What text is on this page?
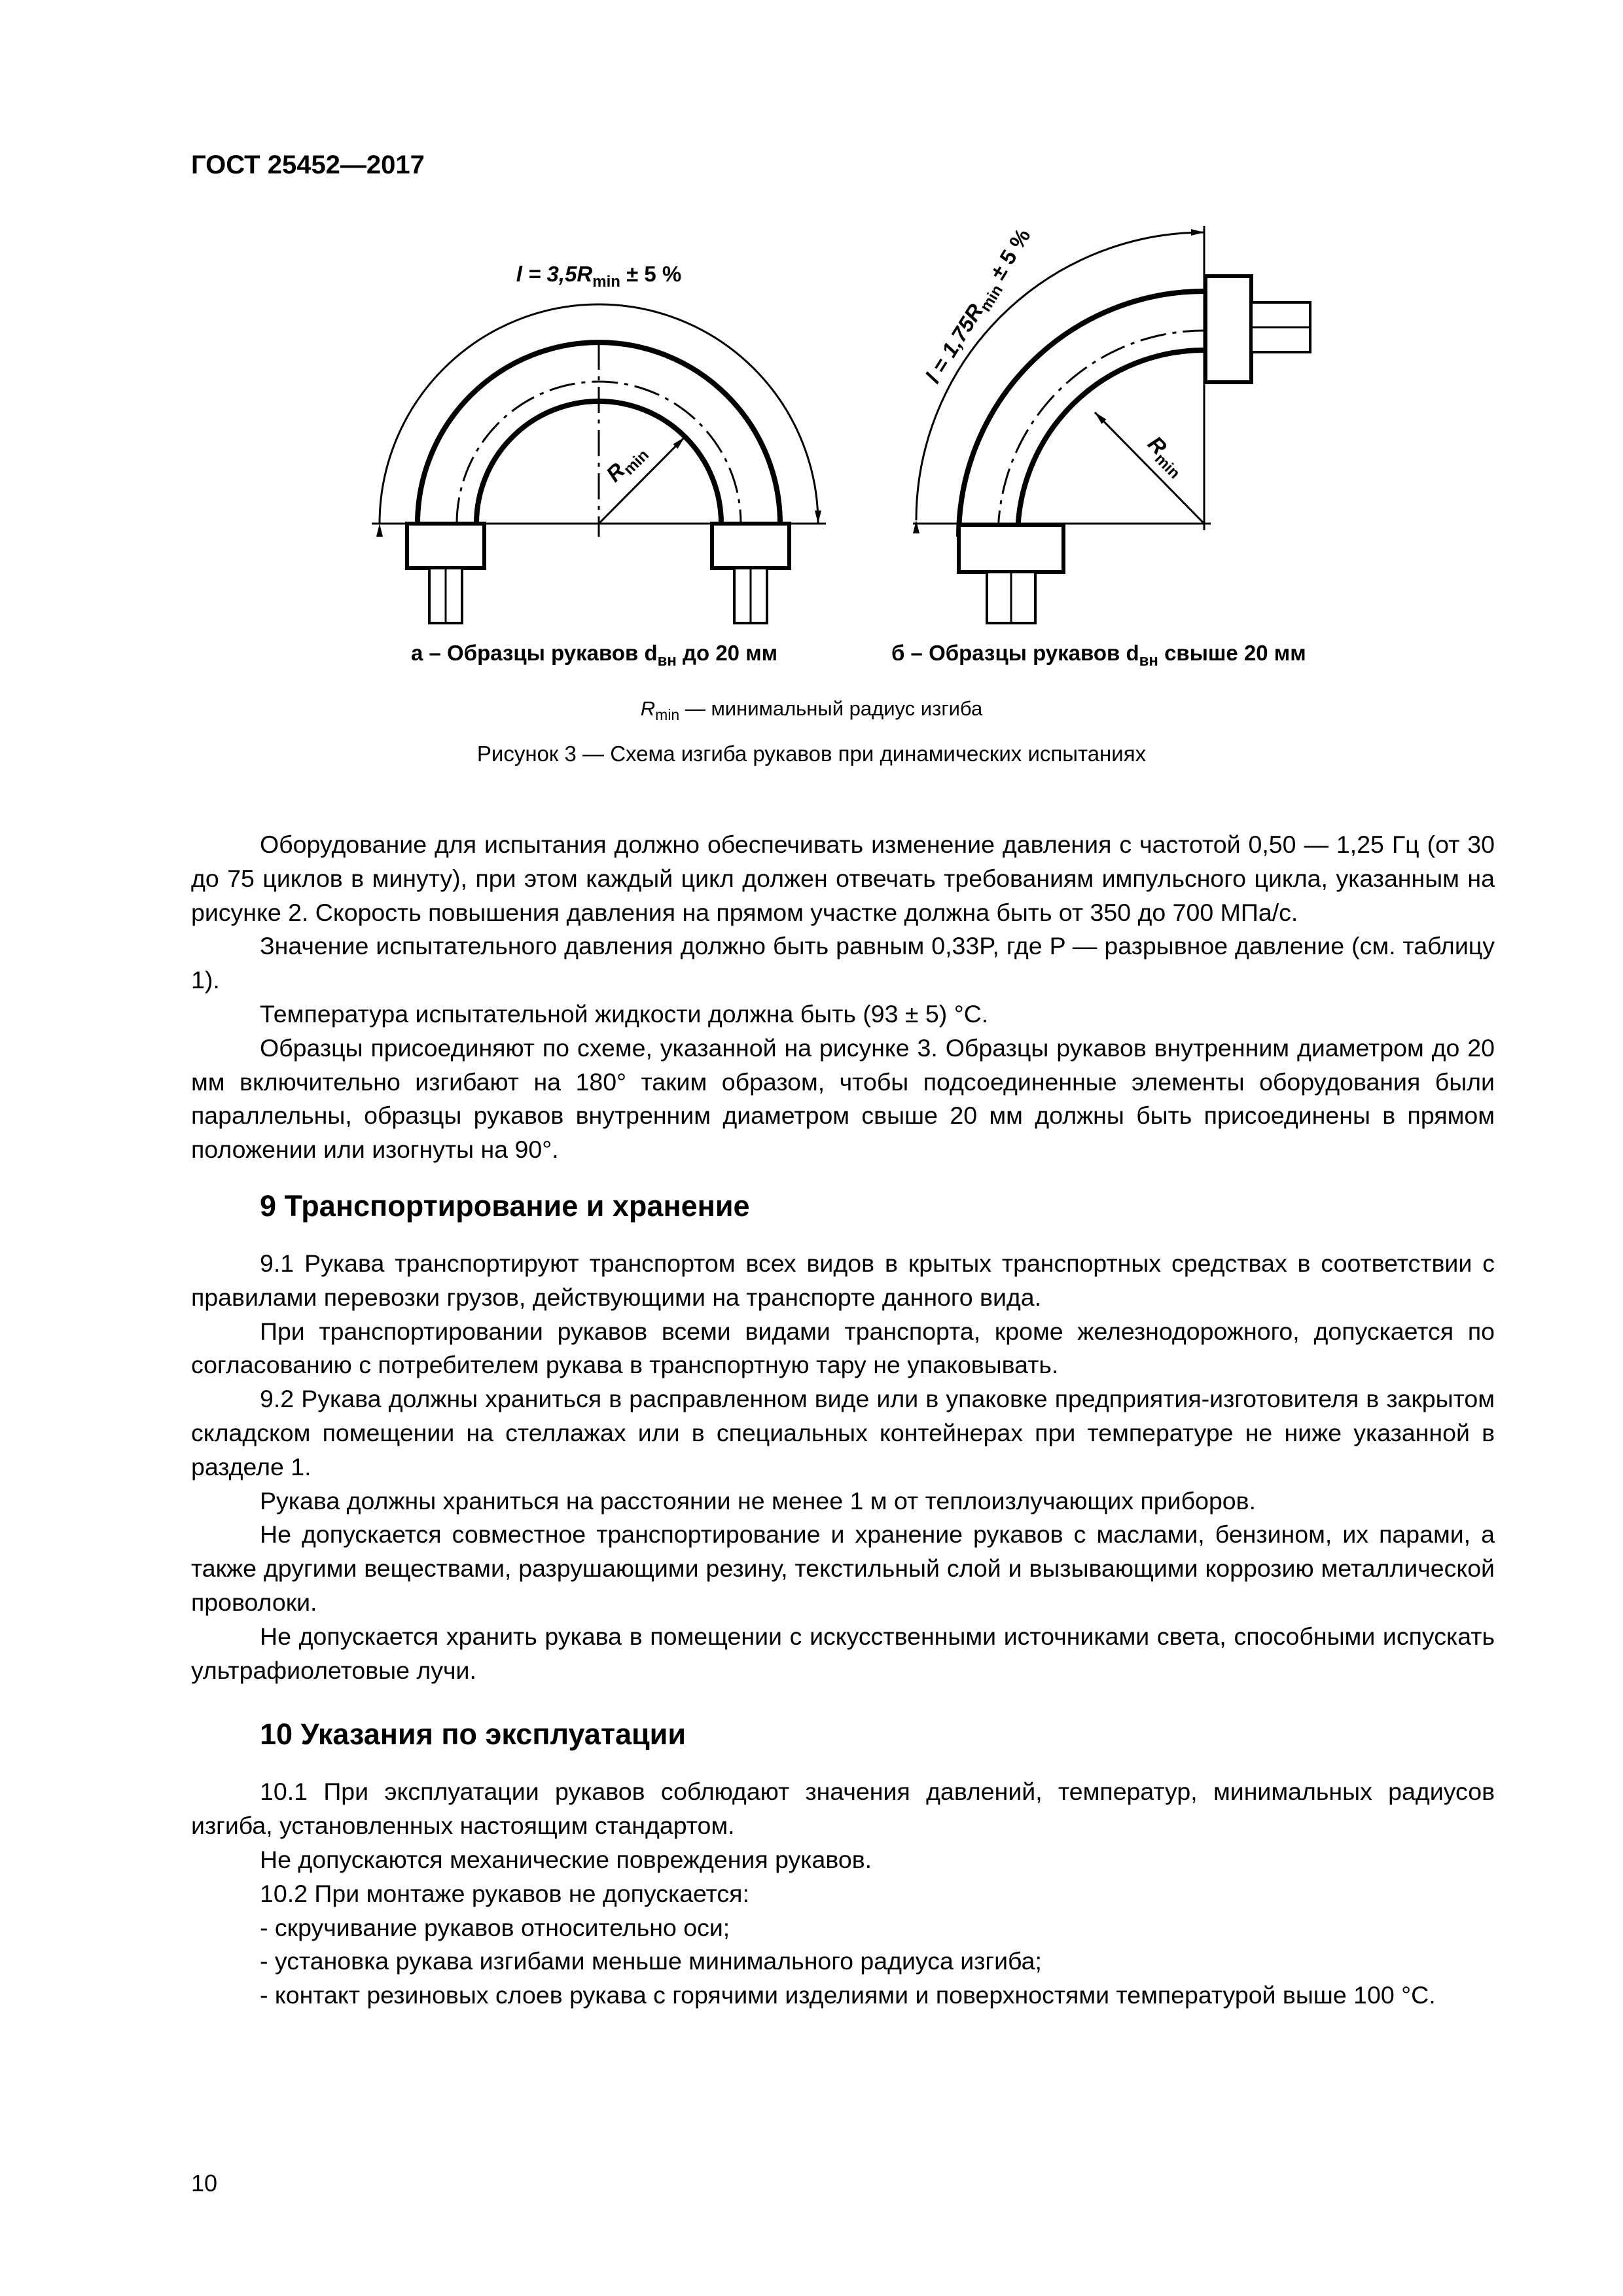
ГОСТ 25452—2017
$l = 3,5R_{min} \pm 5$ %
$R_{min}$
$l = 1,75R_{min} \pm 5$ %
$R_{min}$
а – Образцы рукавов $d_{вн}$ до 20 мм	б – Образцы рукавов $d_{вн}$ свыше 20 мм
$R_{min}$ — минимальный радиус изгиба
Рисунок 3 — Схема изгиба рукавов при динамических испытаниях

Оборудование для испытания должно обеспечивать изменение давления с частотой 0,50 — 1,25 Гц (от 30 до 75 циклов в минуту), при этом каждый цикл должен отвечать требованиям импульсного цикла, указанным на рисунке 2. Скорость повышения давления на прямом участке должна быть от 350 до 700 МПа/с.

Значение испытательного давления должно быть равным 0,33P, где P — разрывное давление (см. таблицу 1).

Температура испытательной жидкости должна быть (93 ± 5) °С.

Образцы присоединяют по схеме, указанной на рисунке 3. Образцы рукавов внутренним диаметром до 20 мм включительно изгибают на 180° таким образом, чтобы подсоединенные элементы оборудования были параллельны, образцы рукавов внутренним диаметром свыше 20 мм должны быть присоединены в прямом положении или изогнуты на 90°.

9 Транспортирование и хранение

9.1 Рукава транспортируют транспортом всех видов в крытых транспортных средствах в соответствии с правилами перевозки грузов, действующими на транспорте данного вида.

При транспортировании рукавов всеми видами транспорта, кроме железнодорожного, допускается по согласованию с потребителем рукава в транспортную тару не упаковывать.

9.2 Рукава должны храниться в расправленном виде или в упаковке предприятия-изготовителя в закрытом складском помещении на стеллажах или в специальных контейнерах при температуре не ниже указанной в разделе 1.

Рукава должны храниться на расстоянии не менее 1 м от теплоизлучающих приборов.

Не допускается совместное транспортирование и хранение рукавов с маслами, бензином, их парами, а также другими веществами, разрушающими резину, текстильный слой и вызывающими коррозию металлической проволоки.

Не допускается хранить рукава в помещении с искусственными источниками света, способными испускать ультрафиолетовые лучи.

10 Указания по эксплуатации

10.1 При эксплуатации рукавов соблюдают значения давлений, температур, минимальных радиусов изгиба, установленных настоящим стандартом.

Не допускаются механические повреждения рукавов.

10.2 При монтаже рукавов не допускается:

- скручивание рукавов относительно оси;

- установка рукава изгибами меньше минимального радиуса изгиба;

- контакт резиновых слоев рукава с горячими изделиями и поверхностями температурой выше 100 °С.

10
